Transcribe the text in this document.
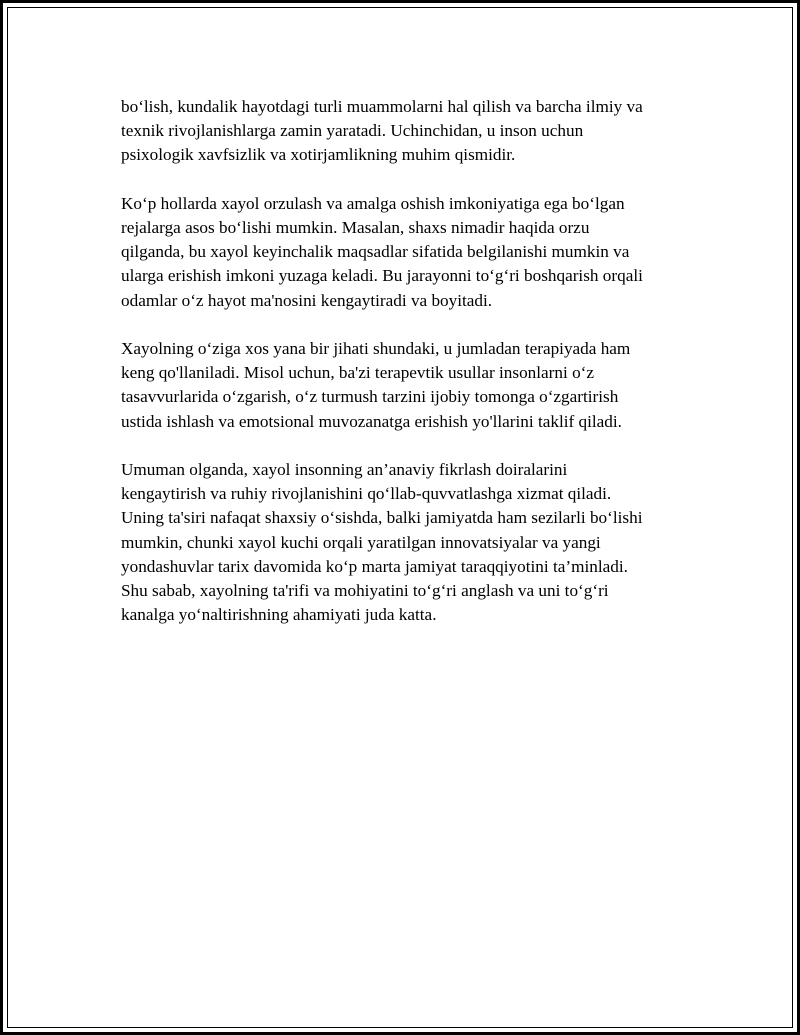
bo‘lish, kundalik hayotdagi turli muammolarni hal qilish va barcha ilmiy va
texnik rivojlanishlarga zamin yaratadi. Uchinchidan, u inson uchun
psixologik xavfsizlik va xotirjamlikning muhim qismidir.

Ko‘p hollarda xayol orzulash va amalga oshish imkoniyatiga ega bo‘lgan
rejalarga asos bo‘lishi mumkin. Masalan, shaxs nimadir haqida orzu
qilganda, bu xayol keyinchalik maqsadlar sifatida belgilanishi mumkin va
ularga erishish imkoni yuzaga keladi. Bu jarayonni to‘g‘ri boshqarish orqali
odamlar o‘z hayot ma'nosini kengaytiradi va boyitadi.

Xayolning o‘ziga xos yana bir jihati shundaki, u jumladan terapiyada ham
keng qo'llaniladi. Misol uchun, ba'zi terapevtik usullar insonlarni o‘z
tasavvurlarida o‘zgarish, o‘z turmush tarzini ijobiy tomonga o‘zgartirish
ustida ishlash va emotsional muvozanatga erishish yo'llarini taklif qiladi.

Umuman olganda, xayol insonning an’anaviy fikrlash doiralarini
kengaytirish va ruhiy rivojlanishini qo‘llab-quvvatlashga xizmat qiladi.
Uning ta'siri nafaqat shaxsiy o‘sishda, balki jamiyatda ham sezilarli bo‘lishi
mumkin, chunki xayol kuchi orqali yaratilgan innovatsiyalar va yangi
yondashuvlar tarix davomida ko‘p marta jamiyat taraqqiyotini ta’minladi.
Shu sabab, xayolning ta'rifi va mohiyatini to‘g‘ri anglash va uni to‘g‘ri
kanalga yo‘naltirishning ahamiyati juda katta.
